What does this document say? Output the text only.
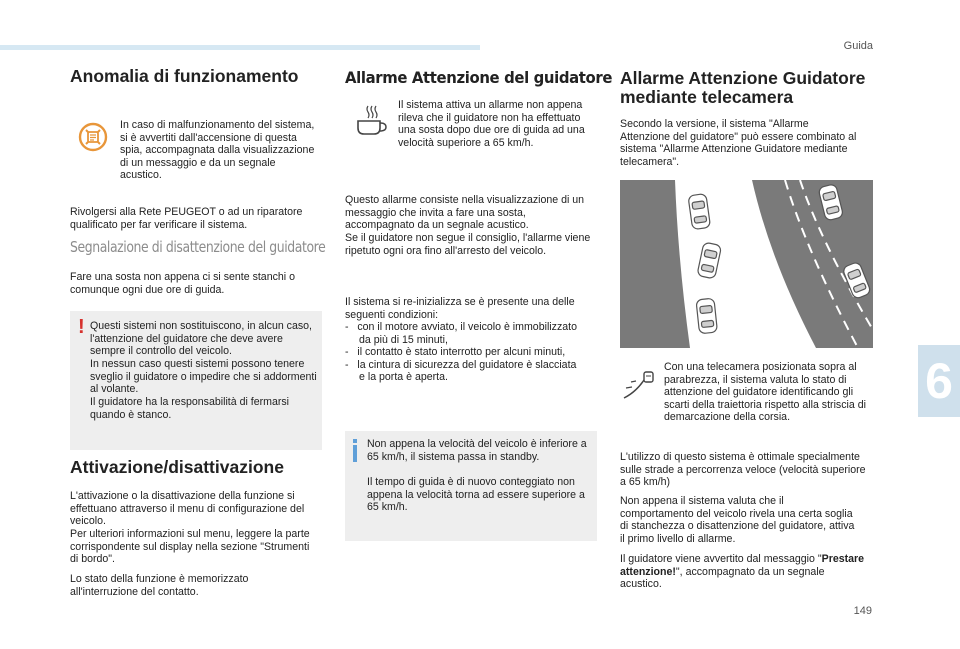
Guida
Anomalia di funzionamento

In caso di malfunzionamento del sistema, si è avvertiti dall'accensione di questa spia, accompagnata dalla visualizzazione di un messaggio e da un segnale acustico.

Rivolgersi alla Rete PEUGEOT o ad un riparatore qualificato per far verificare il sistema.

Segnalazione di disattenzione del guidatore

Fare una sosta non appena ci si sente stanchi o comunque ogni due ore di guida.

! Questi sistemi non sostituiscono, in alcun caso, l'attenzione del guidatore che deve avere sempre il controllo del veicolo.

In nessun caso questi sistemi possono tenere sveglio il guidatore o impedire che si addormenti al volante.

Il guidatore ha la responsabilità di fermarsi quando è stanco.

Attivazione/disattivazione

L'attivazione o la disattivazione della funzione si effettuano attraverso il menu di configurazione del veicolo.

Per ulteriori informazioni sul menu, leggere la parte corrispondente sul display nella sezione "Strumenti di bordo".

Lo stato della funzione è memorizzato all'interruzione del contatto.

Allarme Attenzione del guidatore

Il sistema attiva un allarme non appena rileva che il guidatore non ha effettuato una sosta dopo due ore di guida ad una velocità superiore a 65 km/h.

Questo allarme consiste nella visualizzazione di un messaggio che invita a fare una sosta, accompagnato da un segnale acustico.

Se il guidatore non segue il consiglio, l'allarme viene ripetuto ogni ora fino all'arresto del veicolo.

Il sistema si re-inizializza se è presente una delle seguenti condizioni:

-   con il motore avviato, il veicolo è immobilizzato da più di 15 minuti,
-   il contatto è stato interrotto per alcuni minuti,
-   la cintura di sicurezza del guidatore è slacciata e la porta è aperta.

Non appena la velocità del veicolo è inferiore a 65 km/h, il sistema passa in standby.

Il tempo di guida è di nuovo conteggiato non appena la velocità torna ad essere superiore a 65 km/h.

Allarme Attenzione Guidatore mediante telecamera

Secondo la versione, il sistema "Allarme Attenzione del guidatore" può essere combinato al sistema "Allarme Attenzione Guidatore mediante telecamera".

Con una telecamera posizionata sopra al parabrezza, il sistema valuta lo stato di attenzione del guidatore identificando gli scarti della traiettoria rispetto alla striscia di demarcazione della corsia.

L'utilizzo di questo sistema è ottimale specialmente sulle strade a percorrenza veloce (velocità superiore a 65 km/h)

Non appena il sistema valuta che il comportamento del veicolo rivela una certa soglia di stanchezza o disattenzione del guidatore, attiva il primo livello di allarme.

Il guidatore viene avvertito dal messaggio "Prestare attenzione!", accompagnato da un segnale acustico.

6
149
